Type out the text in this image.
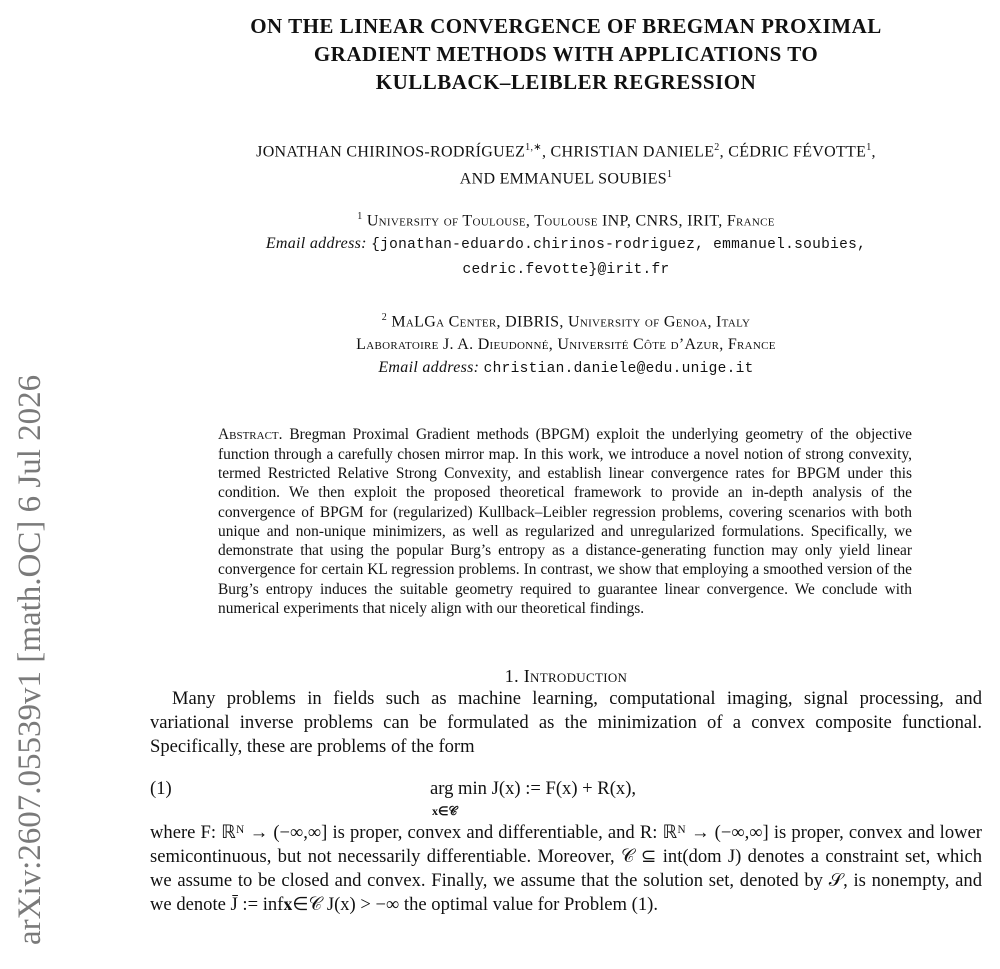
arXiv:2607.05539v1 [math.OC] 6 Jul 2026
ON THE LINEAR CONVERGENCE OF BREGMAN PROXIMAL
GRADIENT METHODS WITH APPLICATIONS TO
KULLBACK–LEIBLER REGRESSION
JONATHAN CHIRINOS-$RODRÍGUEZ^{1,∗}$, CHRISTIAN DANIELE$^2$, CÉDRIC FÉVOTTE$^1$,
AND EMMANUEL SOUBIES$^1$
$^1$ University of Toulouse, Toulouse INP, CNRS, IRIT, France
Email address: {jonathan-eduardo.chirinos-rodriguez, emmanuel.soubies,
cedric.fevotte}@irit.fr
$^2$ MaLGa Center, DIBRIS, University of Genoa, Italy
Laboratoire J. A. Dieudonné, Université Côte d’Azur, France
Email address: christian.daniele@edu.unige.it
Abstract. Bregman Proximal Gradient methods (BPGM) exploit the underlying geometry of the objective function through a carefully chosen mirror map. In this work, we introduce a novel notion of strong convexity, termed Restricted Relative Strong Convexity, and establish linear convergence rates for BPGM under this condition. We then exploit the proposed theoretical framework to provide an in-depth analysis of the convergence of BPGM for (regularized) Kullback–Leibler regression problems, covering scenarios with both unique and non-unique minimizers, as well as regularized and unregularized formulations. Specifically, we demonstrate that using the popular Burg’s entropy as a distance-generating function may only yield linear convergence for certain KL regression problems. In contrast, we show that employing a smoothed version of the Burg’s entropy induces the suitable geometry required to guarantee linear convergence. We conclude with numerical experiments that nicely align with our theoretical findings.
1. Introduction

Many problems in fields such as machine learning, computational imaging, signal processing, and variational inverse problems can be formulated as the minimization of a convex composite functional. Specifically, these are problems of the form

(1)	arg min
x∈𝒞
J(x) := F(x) + R(x),

where F: ℝᴺ → (−∞,∞] is proper, convex and differentiable, and R: ℝᴺ → (−∞,∞] is proper, convex and lower semicontinuous, but not necessarily differentiable. Moreover, 𝒞 ⊆ int(dom J) denotes a constraint set, which we assume to be closed and convex. Finally, we assume that the solution set, denoted by 𝒮, is nonempty, and we denote J̄ := inf𝐱∈𝒞 J(x) > −∞ the optimal value for Problem (1).
